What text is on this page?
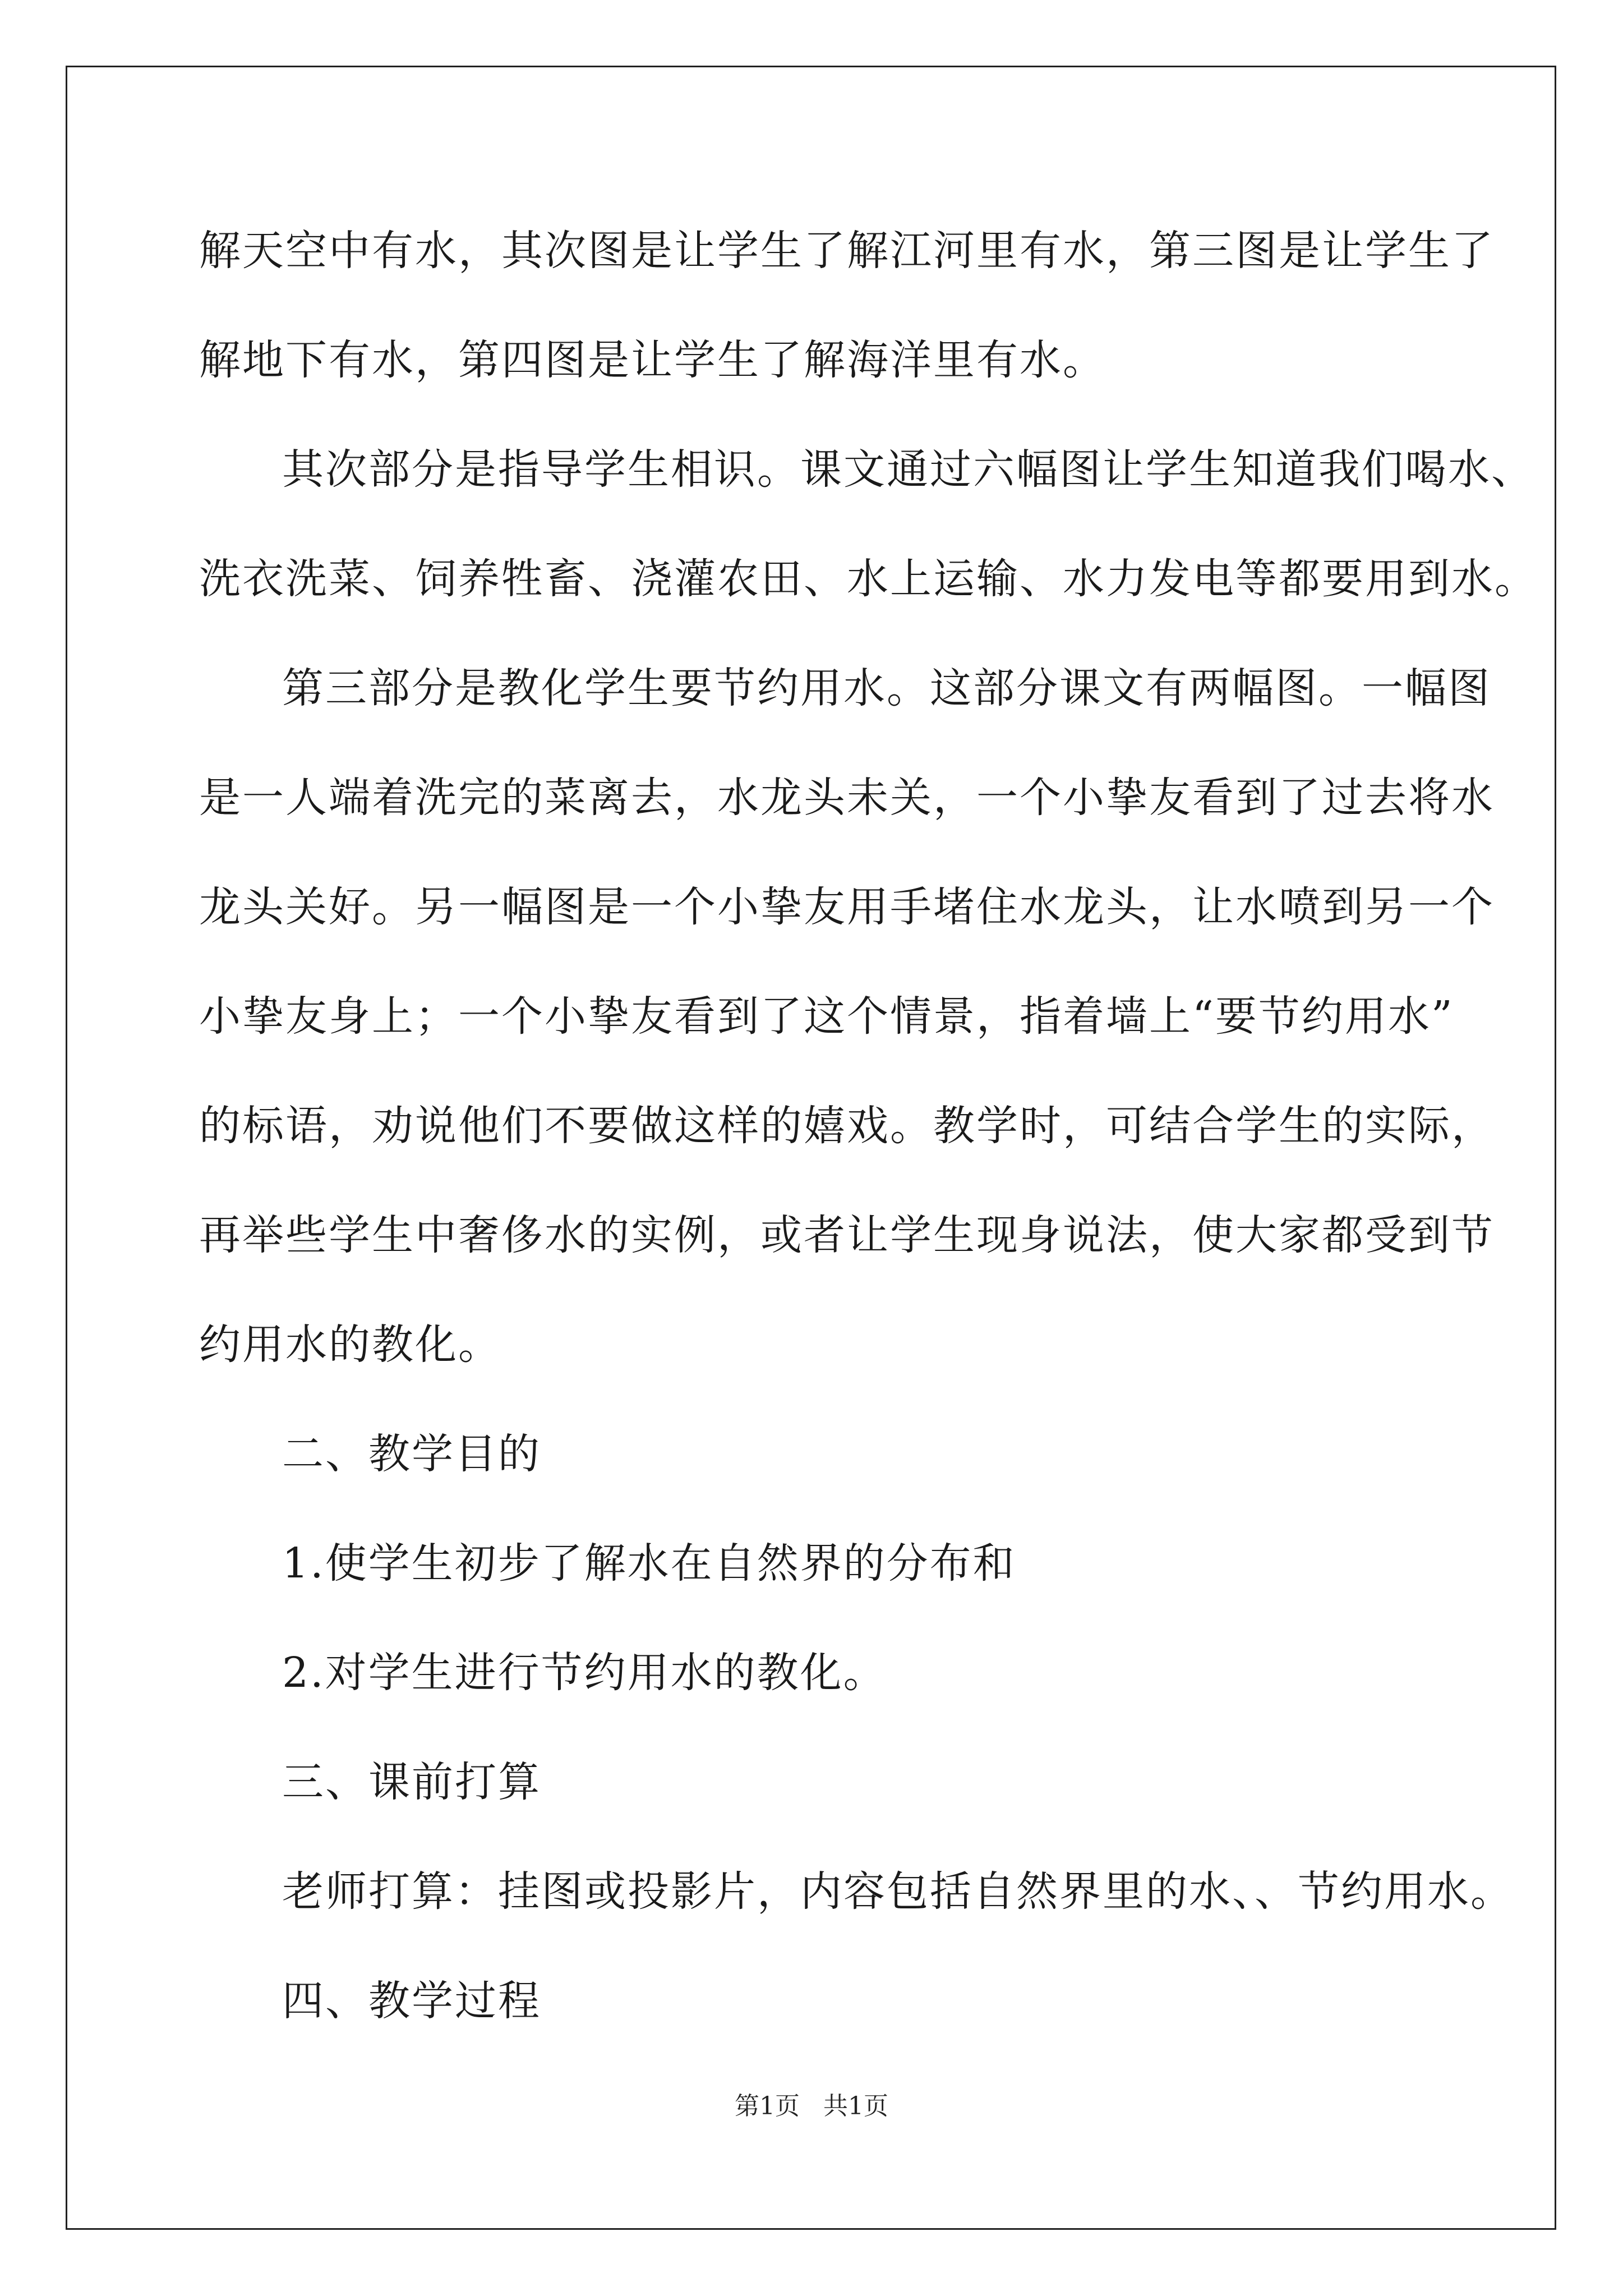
解天空中有水，其次图是让学生了解江河里有水，第三图是让学生了
解地下有水，第四图是让学生了解海洋里有水。
其次部分是指导学生相识。课文通过六幅图让学生知道我们喝水、
洗衣洗菜、饲养牲畜、浇灌农田、水上运输、水力发电等都要用到水。
第三部分是教化学生要节约用水。这部分课文有两幅图。一幅图
是一人端着洗完的菜离去，水龙头未关，一个小挚友看到了过去将水
龙头关好。另一幅图是一个小挚友用手堵住水龙头，让水喷到另一个
小挚友身上；一个小挚友看到了这个情景，指着墙上“要节约用水”
的标语，劝说他们不要做这样的嬉戏。教学时，可结合学生的实际，
再举些学生中奢侈水的实例，或者让学生现身说法，使大家都受到节
约用水的教化。
二、教学目的
1.使学生初步了解水在自然界的分布和
2.对学生进行节约用水的教化。
三、课前打算
老师打算：挂图或投影片，内容包括自然界里的水、、节约用水。
四、教学过程
第1页   共1页
